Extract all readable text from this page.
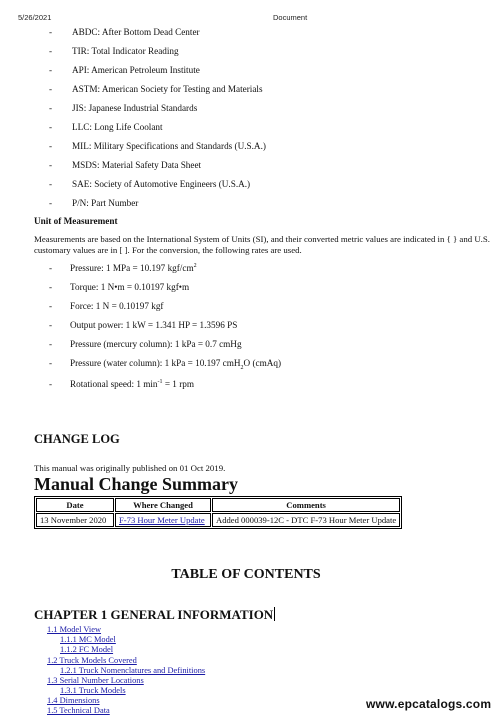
5/26/2021	Document
- ABDC: After Bottom Dead Center
- TIR: Total Indicator Reading
- API: American Petroleum Institute
- ASTM: American Society for Testing and Materials
- JIS: Japanese Industrial Standards
- LLC: Long Life Coolant
- MIL: Military Specifications and Standards (U.S.A.)
- MSDS: Material Safety Data Sheet
- SAE: Society of Automotive Engineers (U.S.A.)
- P/N: Part Number
Unit of Measurement
Measurements are based on the International System of Units (SI), and their converted metric values are indicated in { } and U.S. customary values are in [ ]. For the conversion, the following rates are used.
- Pressure: 1 MPa = 10.197 kgf/$cm^2$
- Torque: 1 N•m = 0.10197 kgf•m
- Force: 1 N = 0.10197 kgf
- Output power: 1 kW = 1.341 HP = 1.3596 PS
- Pressure (mercury column): 1 kPa = 0.7 cmHg
- Pressure (water column): 1 kPa = 10.197 cmH$_2$O (cmAq)
- Rotational speed: 1 $\min^{-1} = 1$ rpm
CHANGE LOG
This manual was originally published on 01 Oct 2019.
Manual Change Summary
Date	Where Changed	Comments
13 November 2020	F-73 Hour Meter Update	Added 000039-12C - DTC F-73 Hour Meter Update
TABLE OF CONTENTS
CHAPTER 1 GENERAL INFORMATION
1.1 Model View
1.1.1 MC Model
1.1.2 FC Model
1.2 Truck Models Covered
1.2.1 Truck Nomenclatures and Definitions
1.3 Serial Number Locations
1.3.1 Truck Models
1.4 Dimensions
1.5 Technical Data	www.epcatalogs.com
